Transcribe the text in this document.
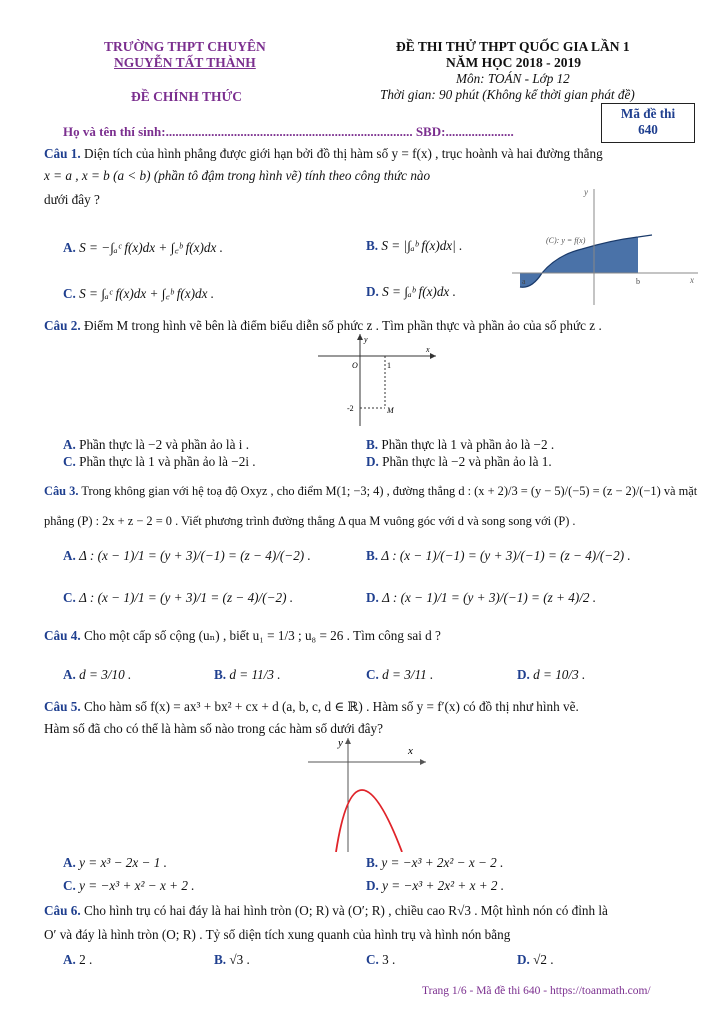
TRƯỜNG THPT CHUYÊN
NGUYỄN TẤT THÀNH
ĐỀ CHÍNH THỨC
ĐỀ THI THỬ THPT QUỐC GIA LẦN 1
NĂM HỌC 2018 - 2019
Môn: TOÁN - Lớp 12
Thời gian: 90 phút (Không kể thời gian phát đề)
Mã đề thi
640
Họ và tên thí sinh:............................................................................ SBD:.....................
Câu 1. Diện tích của hình phẳng được giới hạn bởi đồ thị hàm số y = f(x) , trục hoành và hai đường thẳng
x = a , x = b (a < b) (phần tô đậm trong hình vẽ) tính theo công thức nào
dưới đây ?
A. S = −∫ₐᶜ f(x)dx + ∫꜀ᵇ f(x)dx .	B. S = |∫ₐᵇ f(x)dx| .
C. S = ∫ₐᶜ f(x)dx + ∫꜀ᵇ f(x)dx .	D. S = ∫ₐᵇ f(x)dx .
y
x
(C): y = f(x)
a	b
Câu 2. Điểm M trong hình vẽ bên là điểm biểu diễn số phức z . Tìm phần thực và phần ảo của số phức z .
y
x
O	1
-2	M
A. Phần thực là −2 và phần ảo là i .	B. Phần thực là 1 và phần ảo là −2 .
C. Phần thực là 1 và phần ảo là −2i .	D. Phần thực là −2 và phần ảo là 1.
Câu 3. Trong không gian với hệ toạ độ Oxyz , cho điểm M(1; −3; 4) , đường thẳng d : (x + 2)/3 = (y − 5)/(−5) = (z − 2)/(−1) và mặt
phẳng (P) : 2x + z − 2 = 0 . Viết phương trình đường thẳng Δ qua M vuông góc với d và song song với (P) .
A. Δ : (x − 1)/1 = (y + 3)/(−1) = (z − 4)/(−2) .	B. Δ : (x − 1)/(−1) = (y + 3)/(−1) = (z − 4)/(−2) .
C. Δ : (x − 1)/1 = (y + 3)/1 = (z − 4)/(−2) .	D. Δ : (x − 1)/1 = (y + 3)/(−1) = (z + 4)/2 .
Câu 4. Cho một cấp số cộng (uₙ) , biết u₁ = 1/3 ; u₈ = 26 . Tìm công sai d ?
A. d = 3/10 .	B. d = 11/3 .	C. d = 3/11 .	D. d = 10/3 .
Câu 5. Cho hàm số f(x) = ax³ + bx² + cx + d (a, b, c, d ∈ ℝ) . Hàm số y = f′(x) có đồ thị như hình vẽ.
Hàm số đã cho có thể là hàm số nào trong các hàm số dưới đây?
y
x
A. y = x³ − 2x − 1 .	B. y = −x³ + 2x² − x − 2 .
C. y = −x³ + x² − x + 2 .	D. y = −x³ + 2x² + x + 2 .
Câu 6. Cho hình trụ có hai đáy là hai hình tròn (O; R) và (O′; R) , chiều cao R√3 . Một hình nón có đỉnh là
O′ và đáy là hình tròn (O; R) . Tỷ số diện tích xung quanh của hình trụ và hình nón bằng
A. 2 .	B. √3 .	C. 3 .	D. √2 .
Trang 1/6 - Mã đề thi 640 - https://toanmath.com/
